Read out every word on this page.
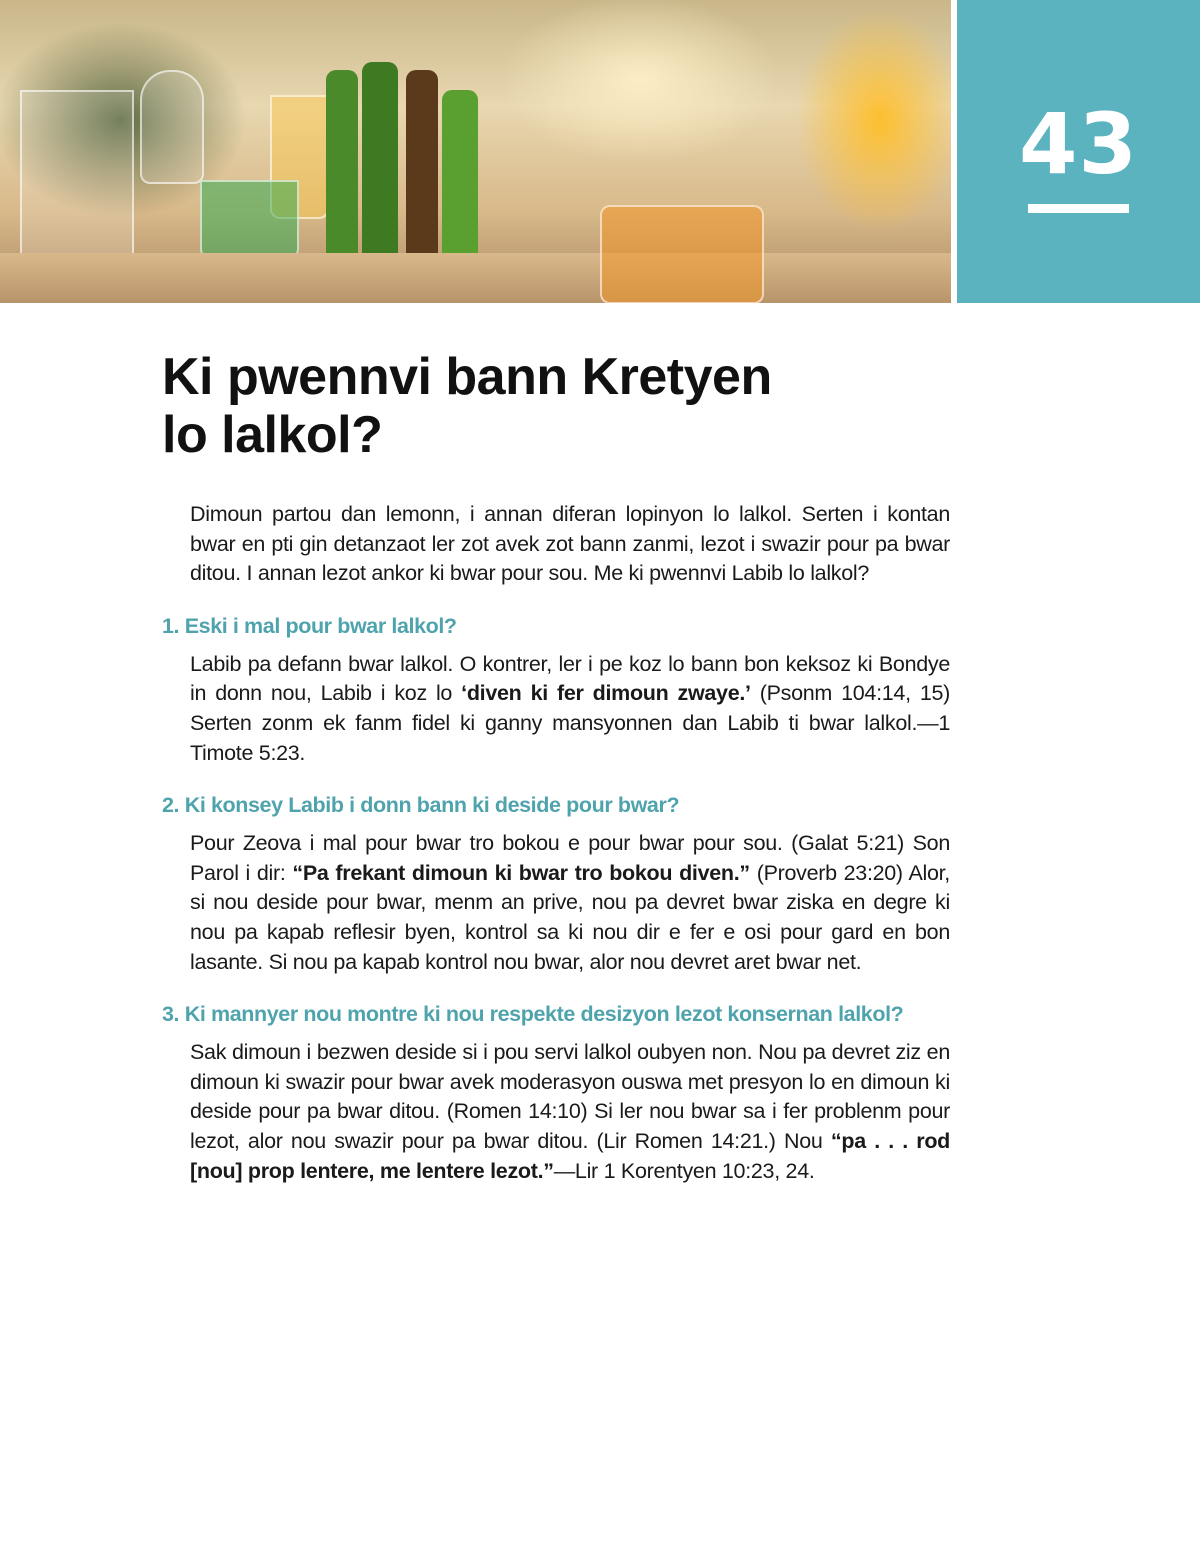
43
Ki pwennvi bann Kretyen
lo lalkol?

Dimoun partou dan lemonn, i annan diferan lopinyon lo lalkol. Serten i kontan bwar en pti gin detanzaot ler zot avek zot bann zanmi, lezot i swazir pour pa bwar ditou. I annan lezot ankor ki bwar pour sou. Me ki pwennvi Labib lo lalkol?

1. Eski i mal pour bwar lalkol?

Labib pa defann bwar lalkol. O kontrer, ler i pe koz lo bann bon keksoz ki Bondye in donn nou, Labib i koz lo ‘diven ki fer dimoun zwaye.’ (Psonm 104:14, 15) Serten zonm ek fanm fidel ki ganny mansyonnen dan Labib ti bwar lalkol.—1 Timote 5:23.

2. Ki konsey Labib i donn bann ki deside pour bwar?

Pour Zeova i mal pour bwar tro bokou e pour bwar pour sou. (Galat 5:21) Son Parol i dir: “Pa frekant dimoun ki bwar tro bokou diven.” (Proverb 23:20) Alor, si nou deside pour bwar, menm an prive, nou pa devret bwar ziska en degre ki nou pa kapab reflesir byen, kontrol sa ki nou dir e fer e osi pour gard en bon lasante. Si nou pa kapab kontrol nou bwar, alor nou devret aret bwar net.

3. Ki mannyer nou montre ki nou respekte desizyon lezot konsernan lalkol?

Sak dimoun i bezwen deside si i pou servi lalkol oubyen non. Nou pa devret ziz en dimoun ki swazir pour bwar avek moderasyon ouswa met presyon lo en dimoun ki deside pour pa bwar ditou. (Romen 14:10) Si ler nou bwar sa i fer problenm pour lezot, alor nou swazir pour pa bwar ditou. (Lir Romen 14:21.) Nou “pa . . . rod [nou] prop lentere, me lentere lezot.”—Lir 1 Korentyen 10:23, 24.
